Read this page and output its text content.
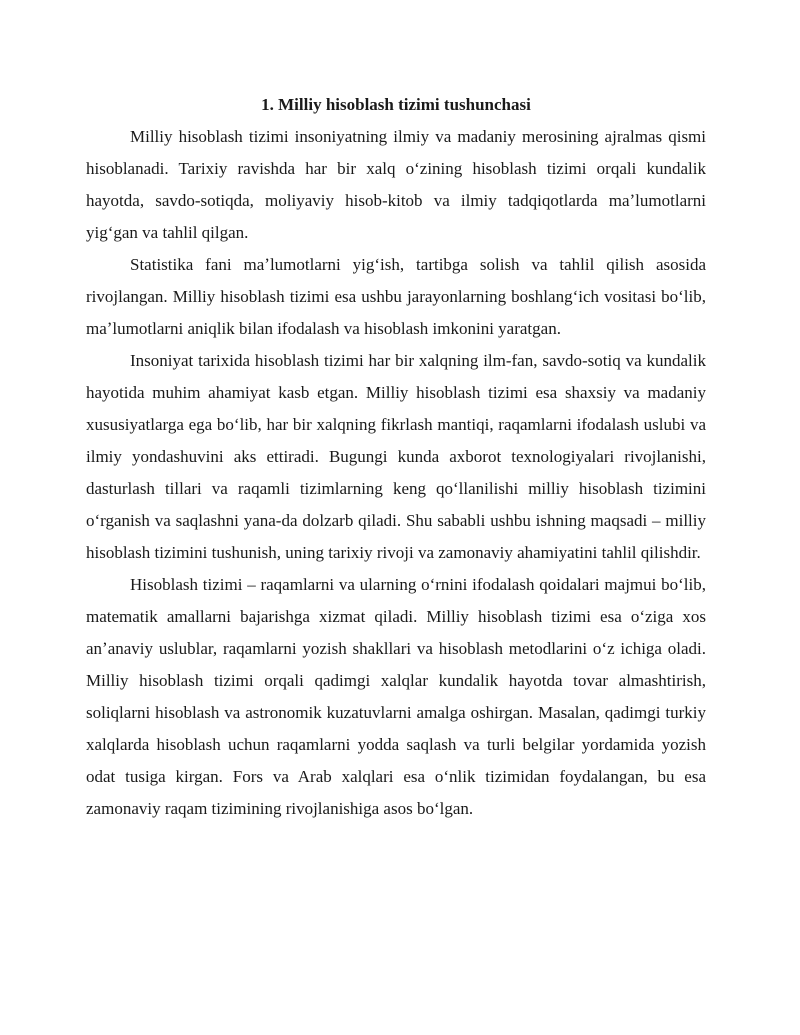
1. Milliy hisoblash tizimi tushunchasi

Milliy hisoblash tizimi insoniyatning ilmiy va madaniy merosining ajralmas qismi hisoblanadi. Tarixiy ravishda har bir xalq oʻzining hisoblash tizimi orqali kundalik hayotda, savdo-sotiqda, moliyaviy hisob-kitob va ilmiy tadqiqotlarda maʼlumotlarni yigʻgan va tahlil qilgan.

Statistika fani maʼlumotlarni yigʻish, tartibga solish va tahlil qilish asosida rivojlangan. Milliy hisoblash tizimi esa ushbu jarayonlarning boshlangʻich vositasi boʻlib, maʼlumotlarni aniqlik bilan ifodalash va hisoblash imkonini yaratgan.

Insoniyat tarixida hisoblash tizimi har bir xalqning ilm-fan, savdo-sotiq va kundalik hayotida muhim ahamiyat kasb etgan. Milliy hisoblash tizimi esa shaxsiy va madaniy xususiyatlarga ega boʻlib, har bir xalqning fikrlash mantiqi, raqamlarni ifodalash uslubi va ilmiy yondashuvini aks ettiradi. Bugungi kunda axborot texnologiyalari rivojlanishi, dasturlash tillari va raqamli tizimlarning keng qoʻllanilishi milliy hisoblash tizimini oʻrganish va saqlashni yana-da dolzarb qiladi. Shu sababli ushbu ishning maqsadi – milliy hisoblash tizimini tushunish, uning tarixiy rivoji va zamonaviy ahamiyatini tahlil qilishdir.

Hisoblash tizimi – raqamlarni va ularning oʻrnini ifodalash qoidalari majmui boʻlib, matematik amallarni bajarishga xizmat qiladi. Milliy hisoblash tizimi esa oʻziga xos anʼanaviy uslublar, raqamlarni yozish shakllari va hisoblash metodlarini oʻz ichiga oladi. Milliy hisoblash tizimi orqali qadimgi xalqlar kundalik hayotda tovar almashtirish, soliqlarni hisoblash va astronomik kuzatuvlarni amalga oshirgan. Masalan, qadimgi turkiy xalqlarda hisoblash uchun raqamlarni yodda saqlash va turli belgilar yordamida yozish odat tusiga kirgan. Fors va Arab xalqlari esa oʻnlik tizimidan foydalangan, bu esa zamonaviy raqam tizimining rivojlanishiga asos boʻlgan.
